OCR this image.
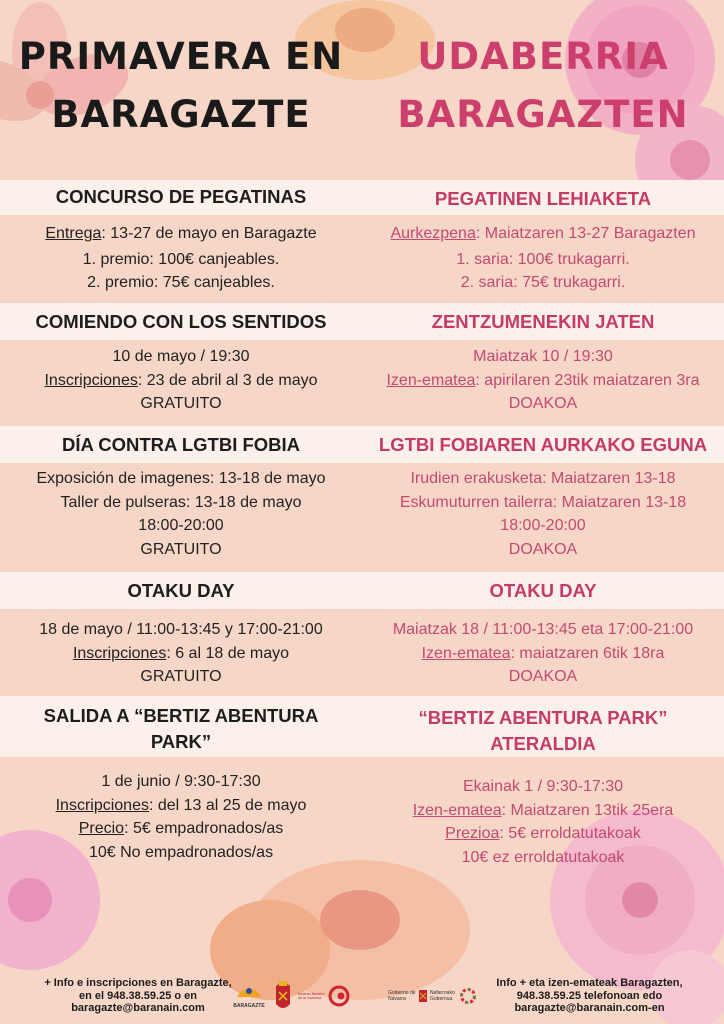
PRIMAVERA EN
BARAGAZTE
UDABERRIA
BARAGAZTEN
CONCURSO DE PEGATINAS	PEGATINEN LEHIAKETA
Entrega: 13-27 de mayo en Baragazte
1. premio: 100€ canjeables.
2. premio: 75€ canjeables.
Aurkezpena: Maiatzaren 13-27 Baragazten
1. saria: 100€ trukagarri.
2. saria: 75€ trukagarri.
COMIENDO CON LOS SENTIDOS	ZENTZUMENEKIN JATEN
10 de mayo / 19:30
Inscripciones: 23 de abril al 3 de mayo
GRATUITO
Maiatzak 10 / 19:30
Izen-ematea: apirilaren 23tik maiatzaren 3ra
DOAKOA
DÍA CONTRA LGTBI FOBIA	LGTBI FOBIAREN AURKAKO EGUNA
Exposición de imagenes: 13-18 de mayo
Taller de pulseras: 13-18 de mayo
18:00-20:00
GRATUITO
Irudien erakusketa: Maiatzaren 13-18
Eskumuturren tailerra: Maiatzaren 13-18
18:00-20:00
DOAKOA
OTAKU DAY	OTAKU DAY
18 de mayo / 11:00-13:45 y 17:00-21:00
Inscripciones: 6 al 18 de mayo
GRATUITO
Maiatzak 18 / 11:00-13:45 eta 17:00-21:00
Izen-ematea: maiatzaren 6tik 18ra
DOAKOA
SALIDA A “BERTIZ ABENTURA PARK”
“BERTIZ ABENTURA PARK” ATERALDIA
1 de junio / 9:30-17:30
Inscripciones: del 13 al 25 de mayo
Precio: 5€ empadronados/as
10€ No empadronados/as
Ekainak 1 / 9:30-17:30
Izen-ematea: Maiatzaren 13tik 25era
Prezioa: 5€ erroldatutakoak
10€ ez erroldatutakoak
+ Info e inscripciones en Baragazte,
en el 948.38.59.25 o en
baragazte@baranain.com
Info + eta izen-emateak Baragazten,
948.38.59.25 telefonoan edo
baragazte@baranain.com-en
BARAGAZTE
Instituto Navarro de la Juventud
Gobierno de Navarra
Nafarroako Gobernua
